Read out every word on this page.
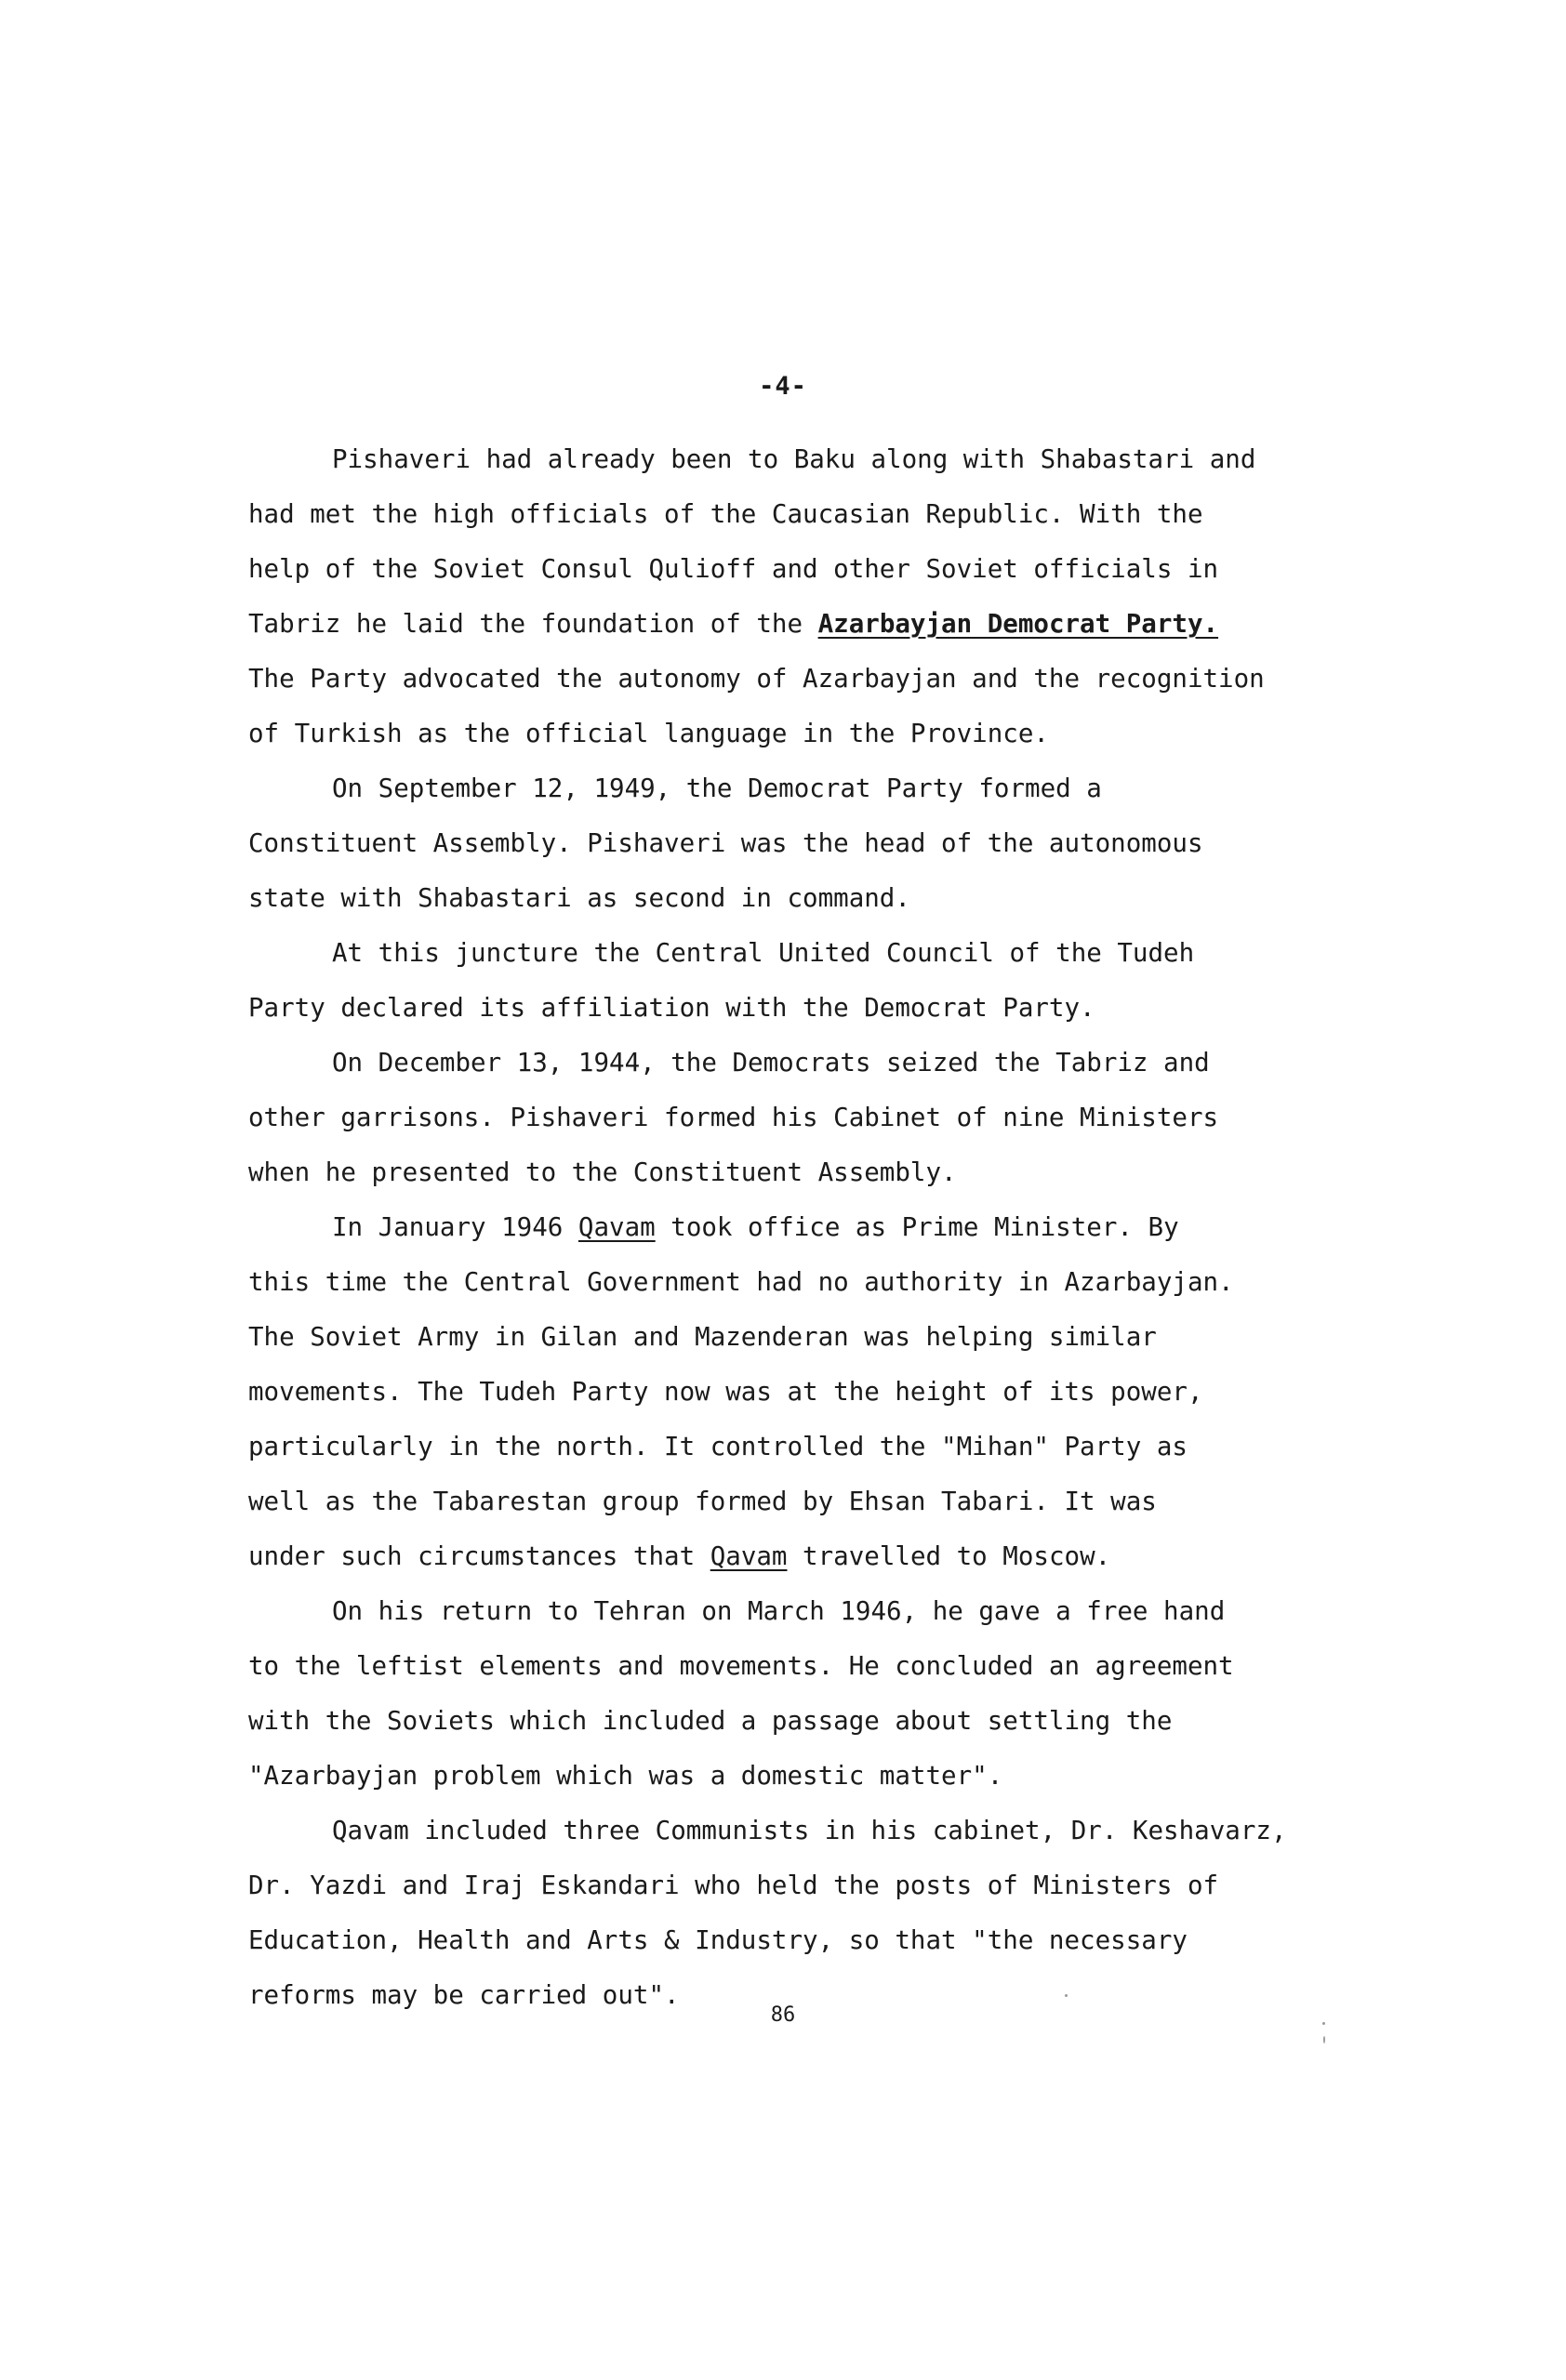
-4-

Pishaveri had already been to Baku along with Shabastari and

had met the high officials of the Caucasian Republic. With the

help of the Soviet Consul Quliof​f and other Soviet officials in

Tabriz he laid the foundation of the Azarbayjan Democrat Party.

The Party advocated the autonomy of Azarbayjan and the recognition

of Turkish as the official language in the Province.

On September 12, 1949, the Democrat Party formed a

Constituent Assembly. Pishaveri was the head of the autonomous

state with Shabastari as second in command.

At this juncture the Central United Council of the Tudeh

Party declared its affiliation with the Democrat Party.

On December 13, 1944, the Democrats seized the Tabriz and

other garrisons. Pishaveri formed his Cabinet of nine Ministers

when he presented to the Constituent Assembly.

In January 1946 Qavam took office as Prime Minister. By

this time the Central Government had no authority in Azarbayjan.

The Soviet Army in Gilan and Mazenderan was helping similar

movements. The Tudeh Party now was at the height of its power,

particularly in the north. It controlled the "Mihan" Party as

well as the Tabarestan group formed by Ehsan Tabari. It was

under such circumstances that Qavam travelled to Moscow.

On his return to Tehran on March 1946, he gave a free hand

to the leftist elements and movements. He concluded an agreement

with the Soviets which included a passage about settling the

"Azarbayjan problem which was a domestic matter".

Qavam included three Communists in his cabinet, Dr. Keshavarz,

Dr. Yazdi and Iraj Eskandari who held the posts of Ministers of

Education, Health and Arts & Industry, so that "the necessary

reforms may be carried out".

86
